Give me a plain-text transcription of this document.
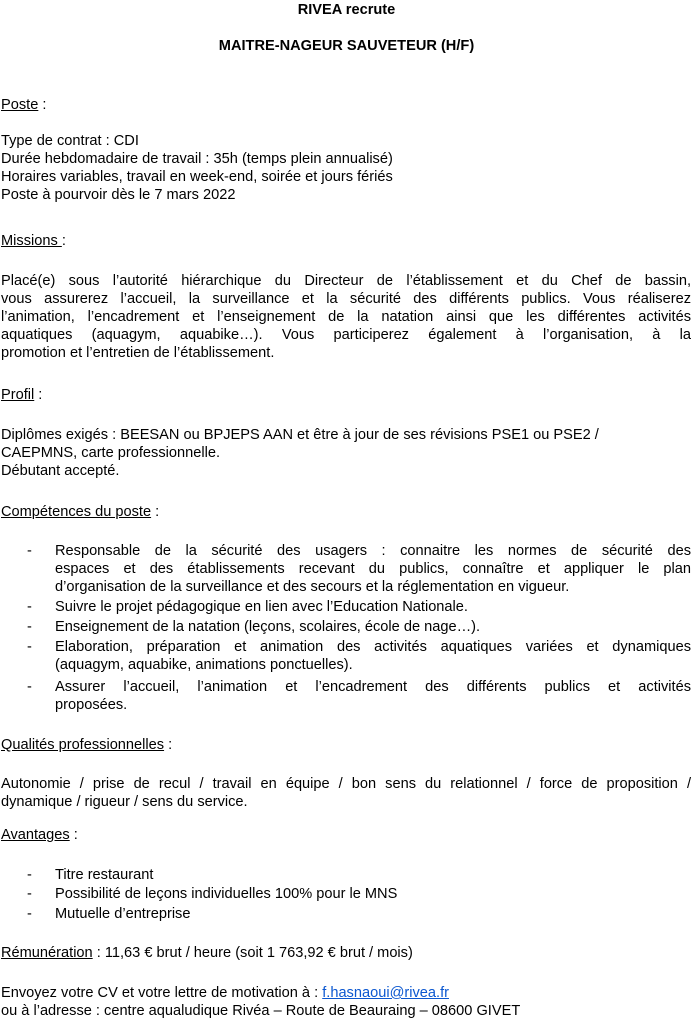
RIVEA recrute
MAITRE-NAGEUR SAUVETEUR (H/F)
Poste :
Type de contrat : CDI
Durée hebdomadaire de travail : 35h (temps plein annualisé)
Horaires variables, travail en week-end, soirée et jours fériés
Poste à pourvoir dès le 7 mars 2022
Missions :
Placé(e) sous l’autorité hiérarchique du Directeur de l’établissement et du Chef de bassin,
vous assurerez l’accueil, la surveillance et la sécurité des différents publics. Vous réaliserez
l’animation, l’encadrement et l’enseignement de la natation ainsi que les différentes activités
aquatiques (aquagym, aquabike…). Vous participerez également à l’organisation, à la
promotion et l’entretien de l’établissement.
Profil :
Diplômes exigés : BEESAN ou BPJEPS AAN et être à jour de ses révisions PSE1 ou PSE2 /
CAEPMNS, carte professionnelle.
Débutant accepté.
Compétences du poste :
- Responsable de la sécurité des usagers : connaitre les normes de sécurité des
espaces et des établissements recevant du publics, connaître et appliquer le plan
d’organisation de la surveillance et des secours et la réglementation en vigueur.
- Suivre le projet pédagogique en lien avec l’Education Nationale.
- Enseignement de la natation (leçons, scolaires, école de nage…).
- Elaboration, préparation et animation des activités aquatiques variées et dynamiques
(aquagym, aquabike, animations ponctuelles).
- Assurer l’accueil, l’animation et l’encadrement des différents publics et activités
proposées.
Qualités professionnelles :
Autonomie / prise de recul / travail en équipe / bon sens du relationnel / force de proposition /
dynamique / rigueur / sens du service.
Avantages :
- Titre restaurant
- Possibilité de leçons individuelles 100% pour le MNS
- Mutuelle d’entreprise
Rémunération : 11,63 € brut / heure (soit 1 763,92 € brut / mois)
Envoyez votre CV et votre lettre de motivation à : f.hasnaoui@rivea.fr
ou à l’adresse : centre aqualudique Rivéa – Route de Beauraing – 08600 GIVET
